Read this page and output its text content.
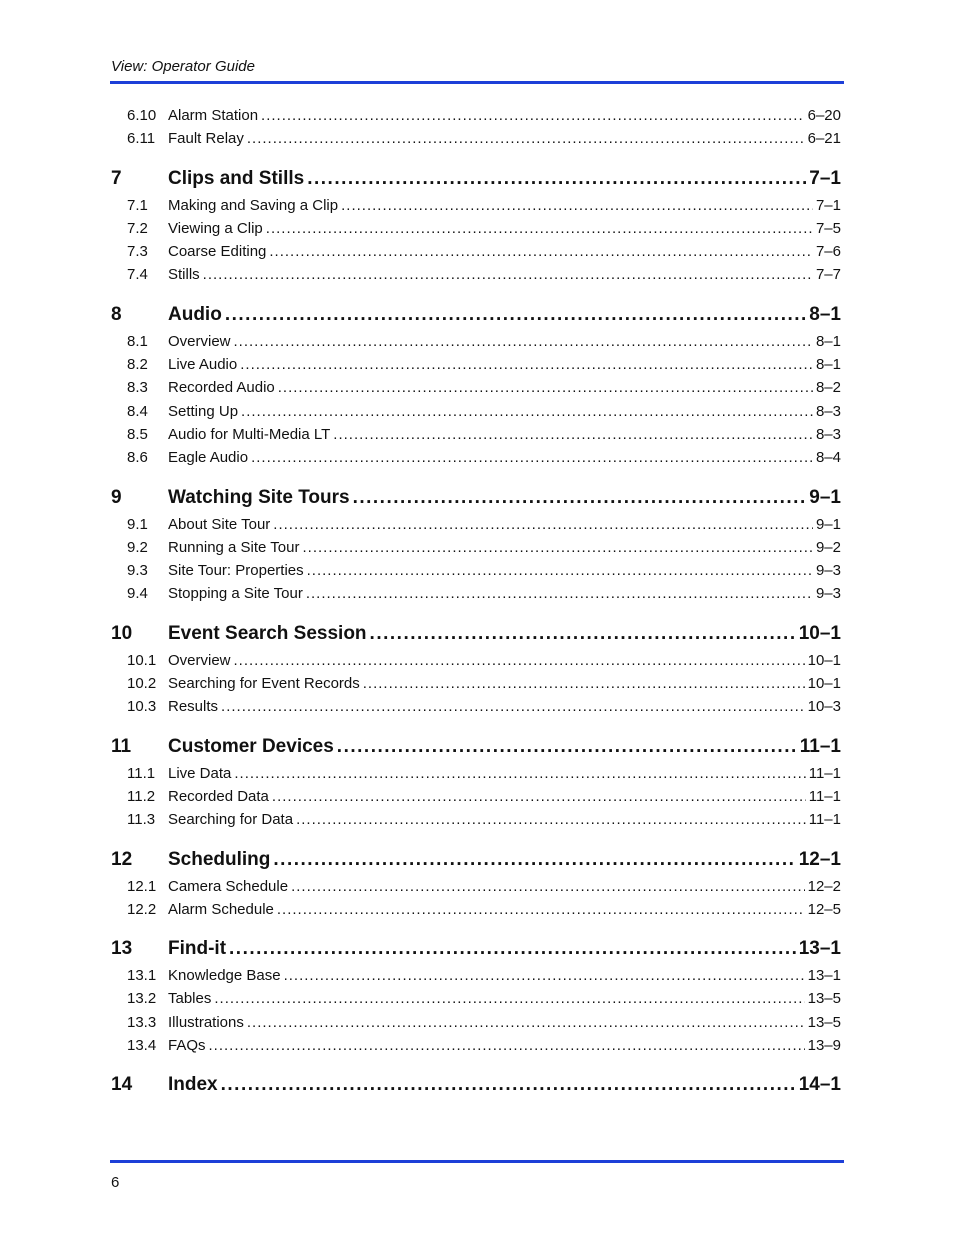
View: Operator Guide
6.10 Alarm Station .....	6–20
6.11 Fault Relay .....	6–21
7	Clips and Stills .....	7–1
7.1	Making and Saving a Clip .....	7–1
7.2	Viewing a Clip .....	7–5
7.3	Coarse Editing .....	7–6
7.4	Stills .....	7–7
8	Audio .....	8–1
8.1	Overview .....	8–1
8.2	Live Audio .....	8–1
8.3	Recorded Audio .....	8–2
8.4	Setting Up .....	8–3
8.5	Audio for Multi-Media LT .....	8–3
8.6	Eagle Audio .....	8–4
9	Watching Site Tours .....	9–1
9.1	About Site Tour .....	9–1
9.2	Running a Site Tour .....	9–2
9.3	Site Tour: Properties .....	9–3
9.4	Stopping a Site Tour .....	9–3
10	Event Search Session .....	10–1
10.1 Overview .....	10–1
10.2 Searching for Event Records .....	10–1
10.3 Results .....	10–3
11	Customer Devices .....	11–1
11.1 Live Data .....	11–1
11.2 Recorded Data .....	11–1
11.3 Searching for Data .....	11–1
12	Scheduling .....	12–1
12.1 Camera Schedule .....	12–2
12.2 Alarm Schedule .....	12–5
13	Find-it .....	13–1
13.1 Knowledge Base .....	13–1
13.2 Tables .....	13–5
13.3 Illustrations .....	13–5
13.4 FAQs .....	13–9
14	Index .....	14–1
6
